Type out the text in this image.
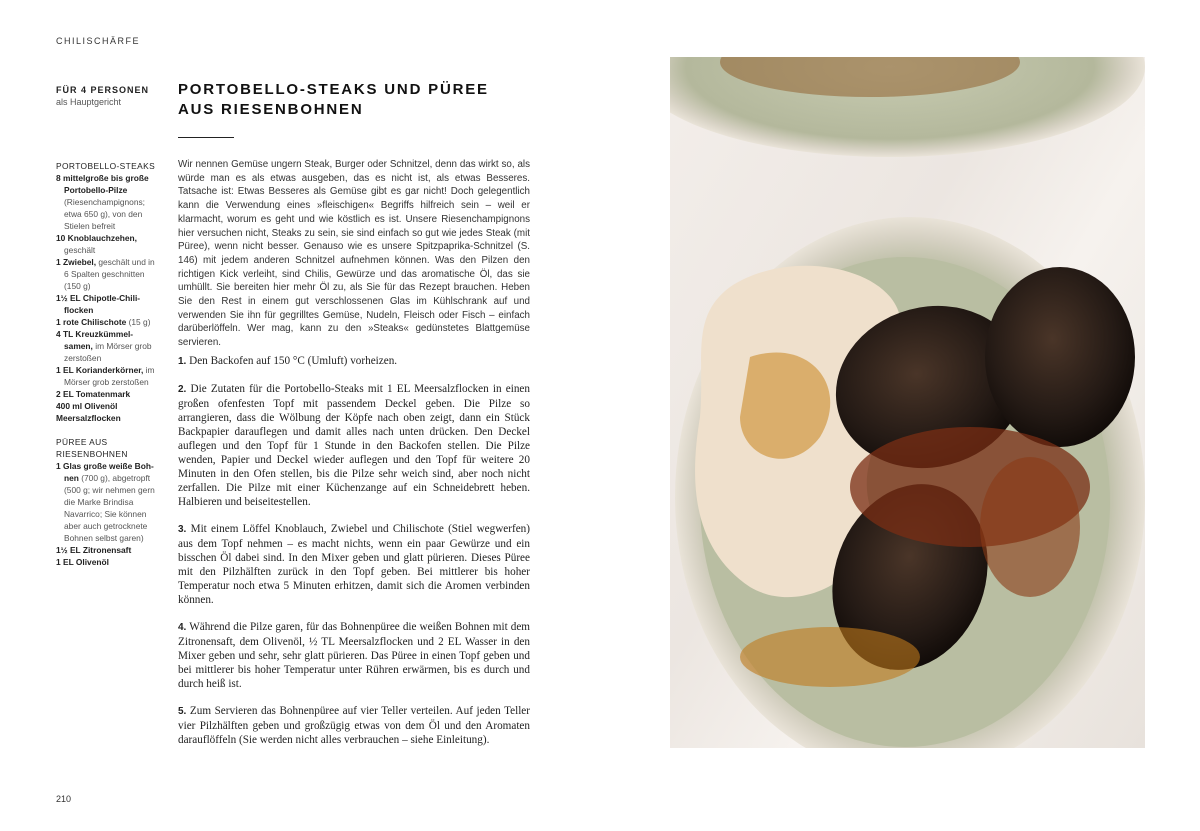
CHILISCHÄRFE
FÜR 4 PERSONEN
als Hauptgericht
PORTOBELLO-STEAKS UND PÜREE
AUS RIESENBOHNEN
PORTOBELLO-STEAKS
8 mittelgroße bis große Portobello-Pilze (Riesenchampignons; etwa 650 g), von den Stielen befreit
10 Knoblauchzehen, geschält
1 Zwiebel, geschält und in 6 Spalten geschnitten (150 g)
1½ EL Chipotle-Chili-flocken
1 rote Chilischote (15 g)
4 TL Kreuzkümmel-samen, im Mörser grob zerstoßen
1 EL Korianderkörner, im Mörser grob zerstoßen
2 EL Tomatenmark
400 ml Olivenöl
Meersalzflocken
PÜREE AUS RIESENBOHNEN
1 Glas große weiße Boh-nen (700 g), abgetropft (500 g; wir nehmen gern die Marke Brindisa Navarrico; Sie können aber auch getrocknete Bohnen selbst garen)
1½ EL Zitronensaft
1 EL Olivenöl
Wir nennen Gemüse ungern Steak, Burger oder Schnitzel, denn das wirkt so, als würde man es als etwas ausgeben, das es nicht ist, als etwas Besseres. Tatsache ist: Etwas Besseres als Gemüse gibt es gar nicht! Doch gelegentlich kann die Verwendung eines »fleischigen« Begriffs hilfreich sein – weil er klarmacht, worum es geht und wie köstlich es ist. Unsere Riesenchampignons hier versuchen nicht, Steaks zu sein, sie sind einfach so gut wie jedes Steak (mit Püree), wenn nicht besser. Genauso wie es unsere Spitzpaprika-Schnitzel (S. 146) mit jedem anderen Schnitzel aufnehmen können. Was den Pilzen den richtigen Kick verleiht, sind Chilis, Gewürze und das aromatische Öl, das sie umhüllt. Sie bereiten hier mehr Öl zu, als Sie für das Rezept brauchen. Heben Sie den Rest in einem gut verschlossenen Glas im Kühlschrank auf und verwenden Sie ihn für gegrilltes Gemüse, Nudeln, Fleisch oder Fisch – einfach darüberlöffeln. Wer mag, kann zu den »Steaks« gedünstetes Blattgemüse servieren.

1. Den Backofen auf 150 °C (Umluft) vorheizen.

2. Die Zutaten für die Portobello-Steaks mit 1 EL Meersalzflocken in einen großen ofenfesten Topf mit passendem Deckel geben. Die Pilze so arrangieren, dass die Wölbung der Köpfe nach oben zeigt, dann ein Stück Backpapier darauflegen und damit alles nach unten drücken. Den Deckel auflegen und den Topf für 1 Stunde in den Backofen stellen. Die Pilze wenden, Papier und Deckel wieder auflegen und den Topf für weitere 20 Minuten in den Ofen stellen, bis die Pilze sehr weich sind, aber noch nicht zerfallen. Die Pilze mit einer Küchenzange auf ein Schneidebrett heben. Halbieren und beiseitestellen.

3. Mit einem Löffel Knoblauch, Zwiebel und Chilischote (Stiel wegwerfen) aus dem Topf nehmen – es macht nichts, wenn ein paar Gewürze und ein bisschen Öl dabei sind. In den Mixer geben und glatt pürieren. Dieses Püree mit den Pilzhälften zurück in den Topf geben. Bei mittlerer bis hoher Temperatur noch etwa 5 Minuten erhitzen, damit sich die Aromen verbinden können.

4. Während die Pilze garen, für das Bohnenpüree die weißen Bohnen mit dem Zitronensaft, dem Olivenöl, ½ TL Meersalzflocken und 2 EL Wasser in den Mixer geben und sehr, sehr glatt pürieren. Das Püree in einen Topf geben und bei mittlerer bis hoher Temperatur unter Rühren erwärmen, bis es durch und durch heiß ist.

5. Zum Servieren das Bohnenpüree auf vier Teller verteilen. Auf jeden Teller vier Pilzhälften geben und großzügig etwas von dem Öl und den Aromaten darauflöffeln (Sie werden nicht alles verbrauchen – siehe Einleitung).

210
